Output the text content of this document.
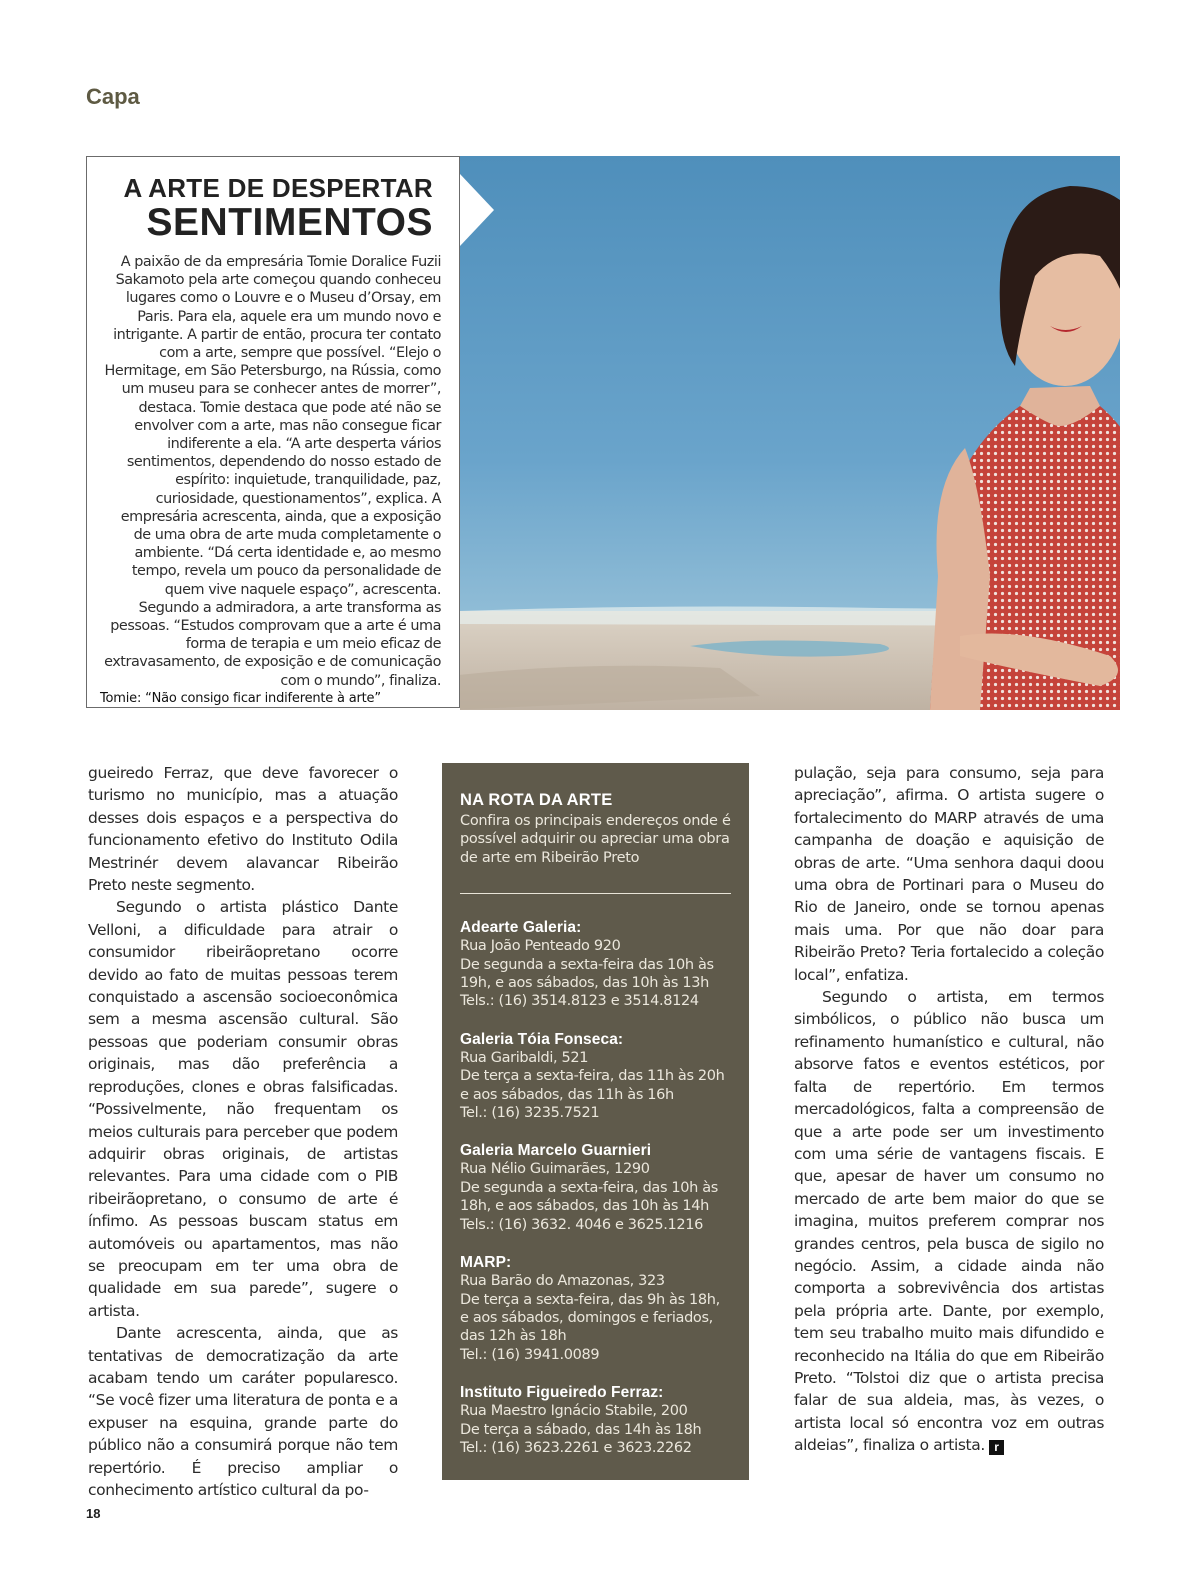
Capa
A ARTE DE DESPERTAR
SENTIMENTOS

A paixão de da empresária Tomie Doralice Fuzii Sakamoto pela arte começou quando conheceu lugares como o Louvre e o Museu d’Orsay, em Paris. Para ela, aquele era um mundo novo e intrigante. A partir de então, procura ter contato com a arte, sempre que possível. “Elejo o Hermitage, em São Petersburgo, na Rússia, como um museu para se conhecer antes de morrer”, destaca. Tomie destaca que pode até não se envolver com a arte, mas não consegue ficar indiferente a ela. “A arte desperta vários sentimentos, dependendo do nosso estado de espírito: inquietude, tranquilidade, paz, curiosidade, questionamentos”, explica. A empresária acrescenta, ainda, que a exposição de uma obra de arte muda completamente o ambiente. “Dá certa identidade e, ao mesmo tempo, revela um pouco da personalidade de quem vive naquele espaço”, acrescenta. Segundo a admiradora, a arte transforma as pessoas. “Estudos comprovam que a arte é uma forma de terapia e um meio eficaz de extravasamento, de exposição e de comunicação com o mundo”, finaliza.

Tomie: “Não consigo ficar indiferente à arte”

gueiredo Ferraz, que deve favorecer o turismo no município, mas a atuação desses dois espaços e a perspectiva do funcionamento efetivo do Instituto Odila Mestrinér devem alavancar Ribeirão Preto neste segmento.

Segundo o artista plástico Dante Velloni, a dificuldade para atrair o consumidor ribeirãopretano ocorre devido ao fato de muitas pessoas terem conquistado a ascensão socioeconômica sem a mesma ascensão cultural. São pessoas que poderiam consumir obras originais, mas dão preferência a reproduções, clones e obras falsificadas. “Possivelmente, não frequentam os meios culturais para perceber que podem adquirir obras originais, de artistas relevantes. Para uma cidade com o PIB ribeirãopretano, o consumo de arte é ínfimo. As pessoas buscam status em automóveis ou apartamentos, mas não se preocupam em ter uma obra de qualidade em sua parede”, sugere o artista.

Dante acrescenta, ainda, que as tentativas de democratização da arte acabam tendo um caráter popularesco. “Se você fizer uma literatura de ponta e a expuser na esquina, grande parte do público não a consumirá porque não tem repertório. É preciso ampliar o conhecimento artístico cultural da po-

NA ROTA DA ARTE

Confira os principais endereços onde é possível adquirir ou apreciar uma obra de arte em Ribeirão Preto

Adearte Galeria:

Rua João Penteado 920

De segunda a sexta-feira das 10h às 19h, e aos sábados, das 10h às 13h

Tels.: (16) 3514.8123 e 3514.8124

Galeria Tóia Fonseca:

Rua Garibaldi, 521

De terça a sexta-feira, das 11h às 20h e aos sábados, das 11h às 16h

Tel.: (16) 3235.7521

Galeria Marcelo Guarnieri

Rua Nélio Guimarães, 1290

De segunda a sexta-feira, das 10h às 18h, e aos sábados, das 10h às 14h

Tels.: (16) 3632. 4046 e 3625.1216

MARP:

Rua Barão do Amazonas, 323

De terça a sexta-feira, das 9h às 18h, e aos sábados, domingos e feriados, das 12h às 18h

Tel.: (16) 3941.0089

Instituto Figueiredo Ferraz:

Rua Maestro Ignácio Stabile, 200

De terça a sábado, das 14h às 18h

Tel.: (16) 3623.2261 e 3623.2262

pulação, seja para consumo, seja para apreciação”, afirma. O artista sugere o fortalecimento do MARP através de uma campanha de doação e aquisição de obras de arte. “Uma senhora daqui doou uma obra de Portinari para o Museu do Rio de Janeiro, onde se tornou apenas mais uma. Por que não doar para Ribeirão Preto? Teria fortalecido a coleção local”, enfatiza.

Segundo o artista, em termos simbólicos, o público não busca um refinamento humanístico e cultural, não absorve fatos e eventos estéticos, por falta de repertório. Em termos mercadológicos, falta a compreensão de que a arte pode ser um investimento com uma série de vantagens fiscais. E que, apesar de haver um consumo no mercado de arte bem maior do que se imagina, muitos preferem comprar nos grandes centros, pela busca de sigilo no negócio. Assim, a cidade ainda não comporta a sobrevivência dos artistas pela própria arte. Dante, por exemplo, tem seu trabalho muito mais difundido e reconhecido na Itália do que em Ribeirão Preto. “Tolstoi diz que o artista precisa falar de sua aldeia, mas, às vezes, o artista local só encontra voz em outras aldeias”, finaliza o artista. r

18
